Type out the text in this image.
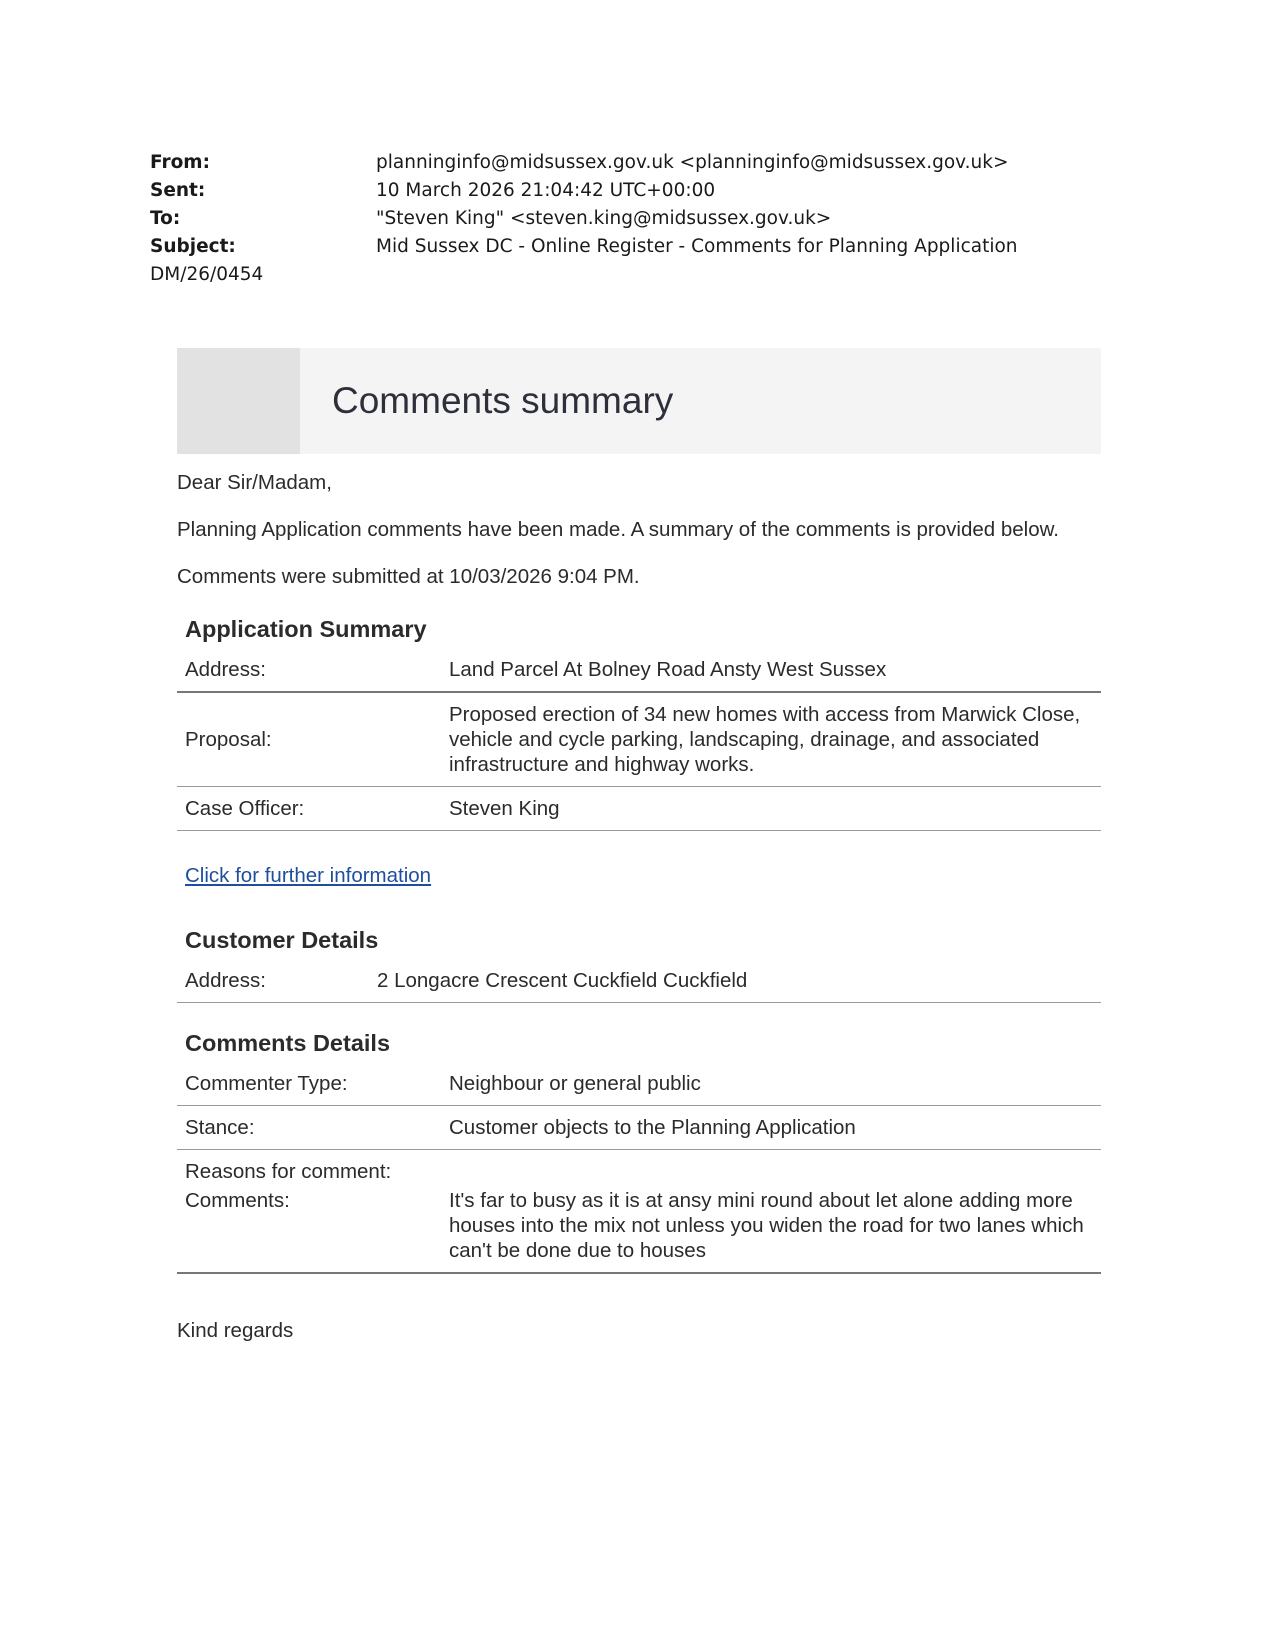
From:	planninginfo@midsussex.gov.uk <planninginfo@midsussex.gov.uk>
Sent:	10 March 2026 21:04:42 UTC+00:00
To:	"Steven King" <steven.king@midsussex.gov.uk>
Subject:	Mid Sussex DC - Online Register - Comments for Planning Application
DM/26/0454
Comments summary

Dear Sir/Madam,

Planning Application comments have been made. A summary of the comments is provided below.

Comments were submitted at 10/03/2026 9:04 PM.

Application Summary
Address:	Land Parcel At Bolney Road Ansty West Sussex
Proposal:	Proposed erection of 34 new homes with access from Marwick Close, vehicle and cycle parking, landscaping, drainage, and associated infrastructure and highway works.
Case Officer:	Steven King
Click for further information
Customer Details
Address:	2 Longacre Crescent Cuckfield Cuckfield
Comments Details
Commenter Type:	Neighbour or general public
Stance:	Customer objects to the Planning Application
Reasons for comment:	
Comments:	It's far to busy as it is at ansy mini round about let alone adding more houses into the mix not unless you widen the road for two lanes which can't be done due to houses

Kind regards
